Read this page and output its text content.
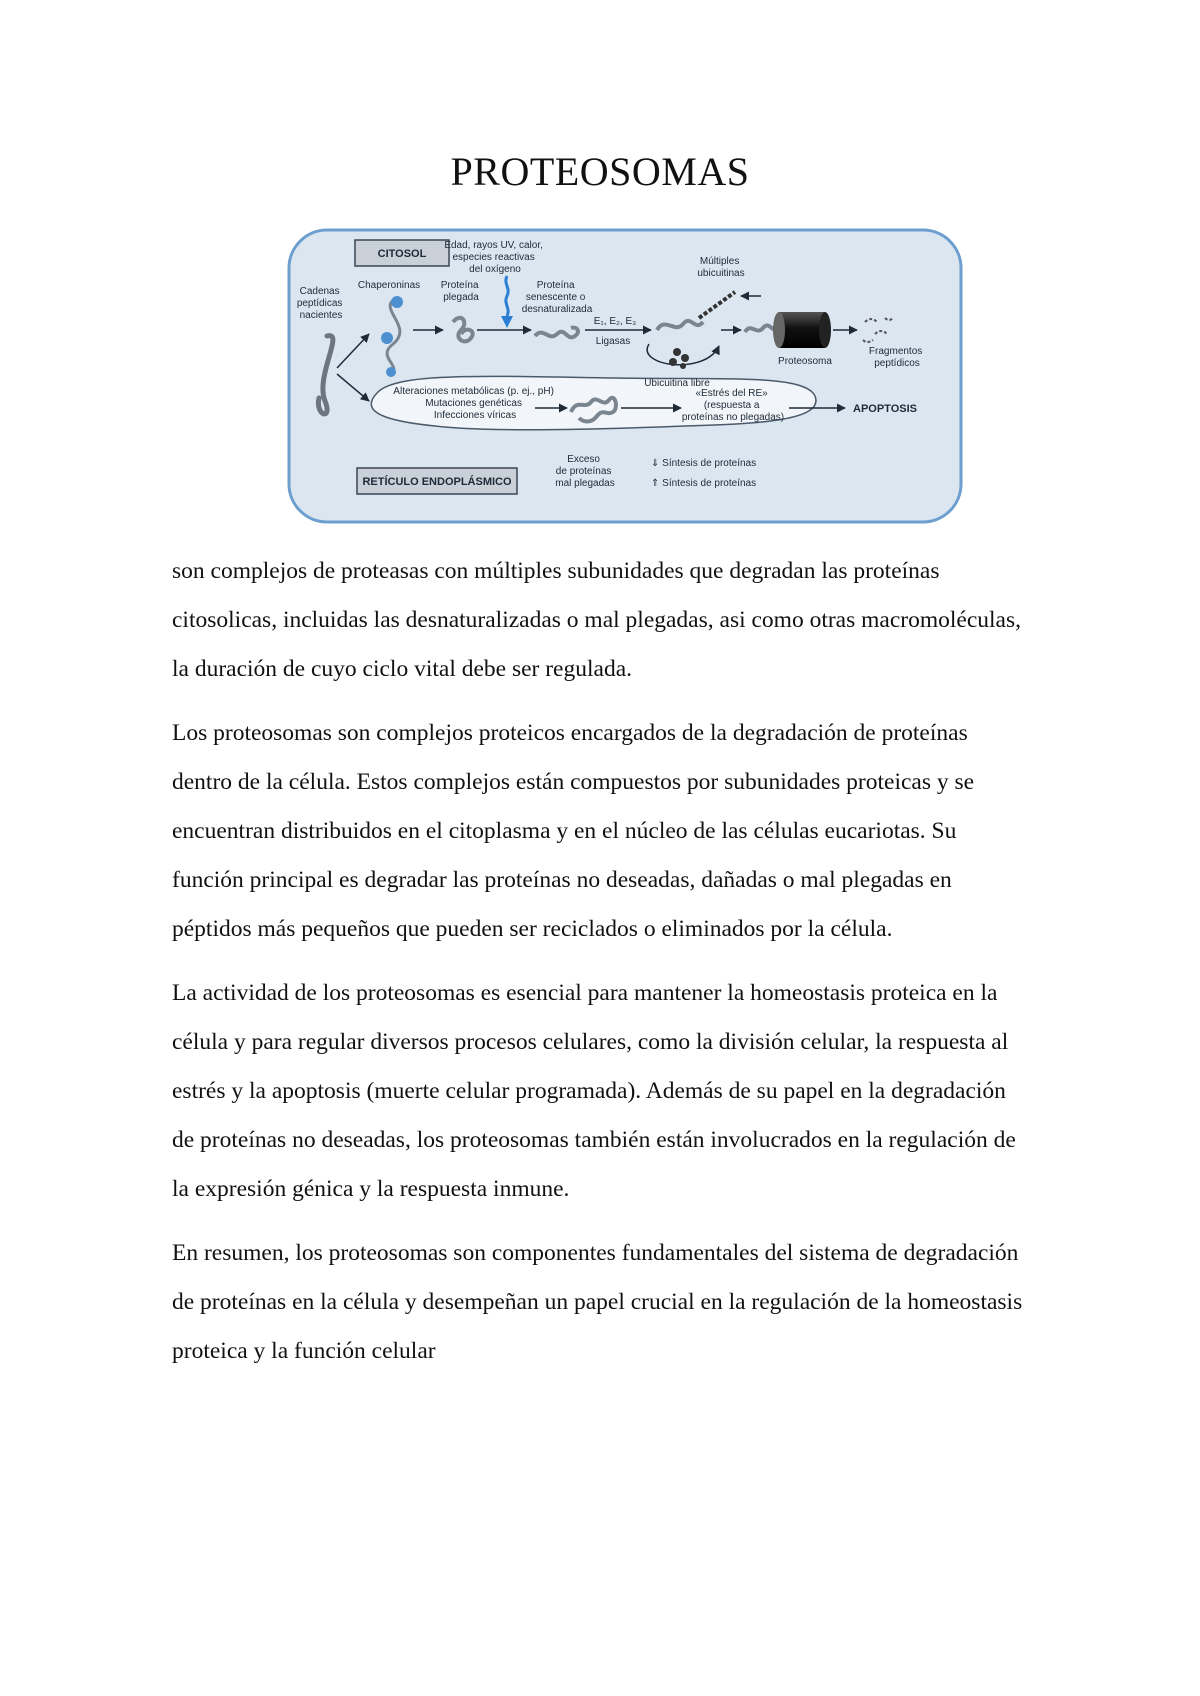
PROTEOSOMAS
CITOSOL
RETÍCULO ENDOPLÁSMICO
Edad, rayos UV, calor, especies reactivas del oxígeno
Cadenas peptídicas nacientes
Chaperoninas Proteína plegada
Proteína senescente o desnaturalizada
E₁, E₂, E₃
Ligasas
Múltiples ubicuitinas
Ubicuitina libre
Proteosoma
Fragmentos peptídicos
Alteraciones metabólicas (p. ej., pH) Mutaciones genéticas Infecciones víricas
«Estrés del RE» (respuesta a proteínas no plegadas)
APOPTOSIS
Exceso de proteínas mal plegadas
⇓ Síntesis de proteínas
⇑ Síntesis de proteínas

son complejos de proteasas con múltiples subunidades que degradan las proteínas citosolicas, incluidas las desnaturalizadas o mal plegadas, asi como otras macromoléculas, la duración de cuyo ciclo vital debe ser regulada.

Los proteosomas son complejos proteicos encargados de la degradación de proteínas dentro de la célula. Estos complejos están compuestos por subunidades proteicas y se encuentran distribuidos en el citoplasma y en el núcleo de las células eucariotas. Su función principal es degradar las proteínas no deseadas, dañadas o mal plegadas en péptidos más pequeños que pueden ser reciclados o eliminados por la célula.

La actividad de los proteosomas es esencial para mantener la homeostasis proteica en la célula y para regular diversos procesos celulares, como la división celular, la respuesta al estrés y la apoptosis (muerte celular programada). Además de su papel en la degradación de proteínas no deseadas, los proteosomas también están involucrados en la regulación de la expresión génica y la respuesta inmune.

En resumen, los proteosomas son componentes fundamentales del sistema de degradación de proteínas en la célula y desempeñan un papel crucial en la regulación de la homeostasis proteica y la función celular
